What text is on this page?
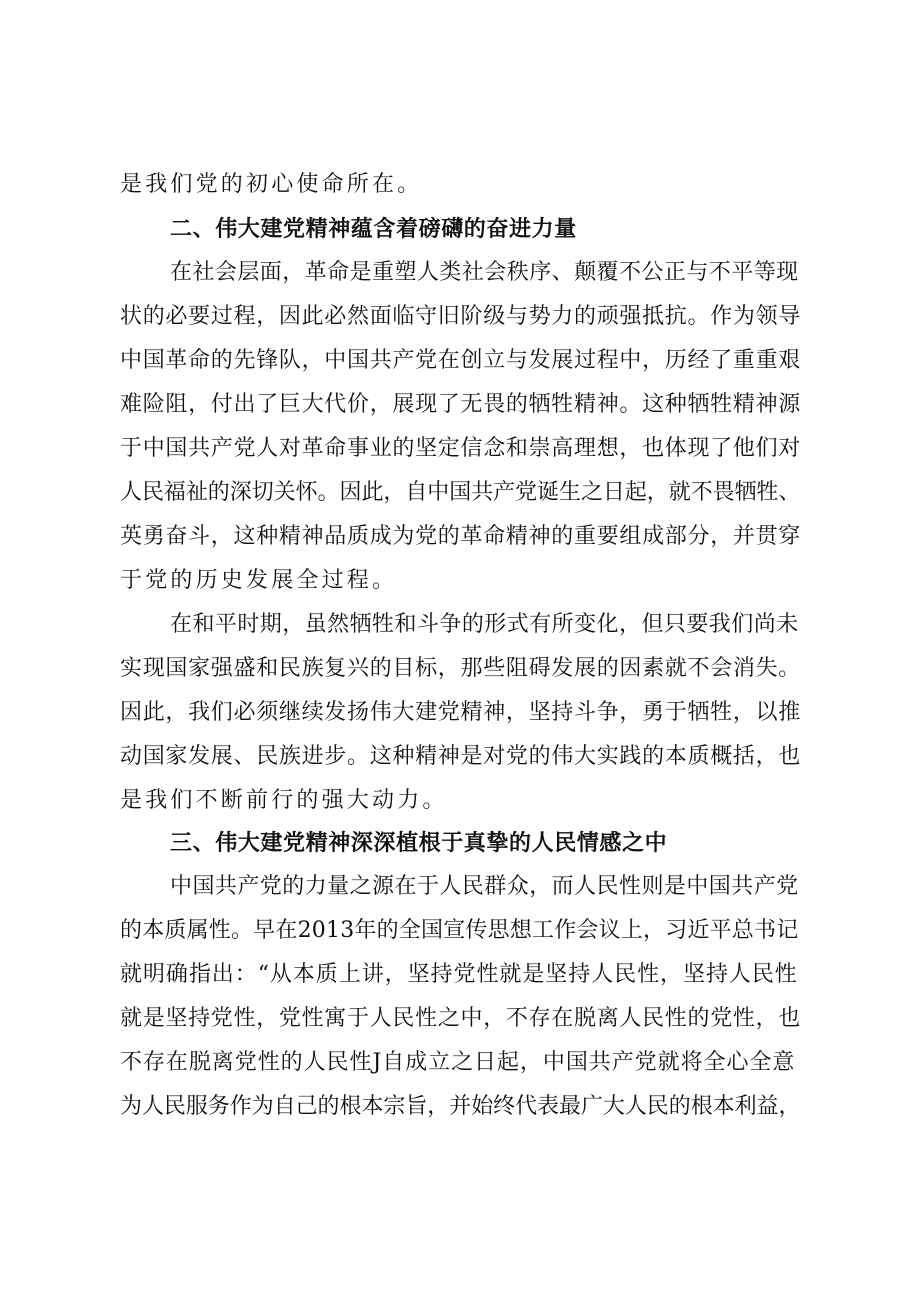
是我们党的初心使命所在。
二、伟大建党精神蕴含着磅礴的奋进力量
在社会层面，革命是重塑人类社会秩序、颠覆不公正与不平等现
状的必要过程，因此必然面临守旧阶级与势力的顽强抵抗。作为领导
中国革命的先锋队，中国共产党在创立与发展过程中，历经了重重艰
难险阻，付出了巨大代价，展现了无畏的牺牲精神。这种牺牲精神源
于中国共产党人对革命事业的坚定信念和崇高理想，也体现了他们对
人民福祉的深切关怀。因此，自中国共产党诞生之日起，就不畏牺牲、
英勇奋斗，这种精神品质成为党的革命精神的重要组成部分，并贯穿
于党的历史发展全过程。
在和平时期，虽然牺牲和斗争的形式有所变化，但只要我们尚未
实现国家强盛和民族复兴的目标，那些阻碍发展的因素就不会消失。
因此，我们必须继续发扬伟大建党精神，坚持斗争，勇于牺牲，以推
动国家发展、民族进步。这种精神是对党的伟大实践的本质概括，也
是我们不断前行的强大动力。
三、伟大建党精神深深植根于真挚的人民情感之中
中国共产党的力量之源在于人民群众，而人民性则是中国共产党
的本质属性。早在2013年的全国宣传思想工作会议上，习近平总书记
就明确指出：“从本质上讲，坚持党性就是坚持人民性，坚持人民性
就是坚持党性，党性寓于人民性之中，不存在脱离人民性的党性，也
不存在脱离党性的人民性J自成立之日起，中国共产党就将全心全意
为人民服务作为自己的根本宗旨，并始终代表最广大人民的根本利益，
